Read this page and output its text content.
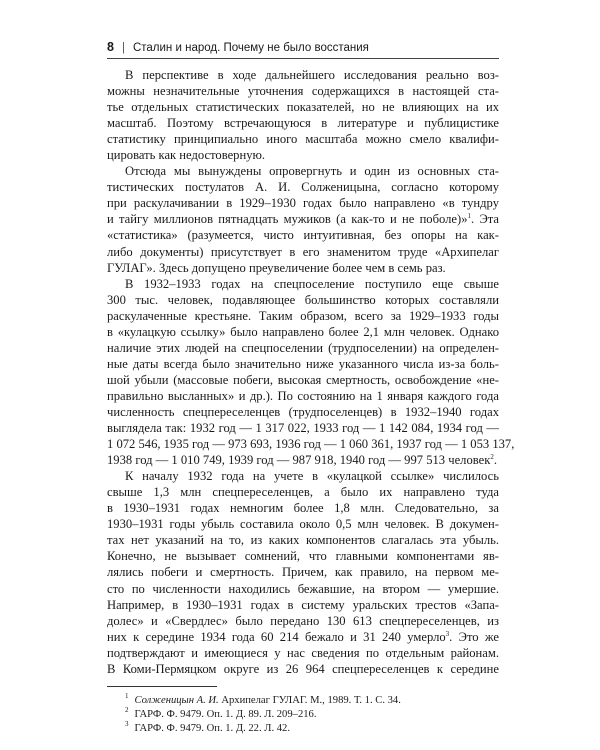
8 | Сталин и народ. Почему не было восстания
В перспективе в ходе дальнейшего исследования реально воз-
можны незначительные уточнения содержащихся в настоящей ста-
тье отдельных статистических показателей, но не влияющих на их
масштаб. Поэтому встречающуюся в литературе и публицистике
статистику принципиально иного масштаба можно смело квалифи-
цировать как недостоверную.
Отсюда мы вынуждены опровергнуть и один из основных ста-
тистических постулатов А. И. Солженицына, согласно которому
при раскулачивании в 1929–1930 годах было направлено «в тундру
и тайгу миллионов пятнадцать мужиков (а как-то и не поболе)»$^1$. Эта
«статистика» (разумеется, чисто интуитивная, без опоры на как-
либо документы) присутствует в его знаменитом труде «Архипелаг
ГУЛАГ». Здесь допущено преувеличение более чем в семь раз.
В 1932–1933 годах на спецпоселение поступило еще свыше
300 тыс. человек, подавляющее большинство которых составляли
раскулаченные крестьяне. Таким образом, всего за 1929–1933 годы
в «кулацкую ссылку» было направлено более 2,1 млн человек. Однако
наличие этих людей на спецпоселении (трудпоселении) на определен-
ные даты всегда было значительно ниже указанного числа из-за боль-
шой убыли (массовые побеги, высокая смертность, освобождение «не-
правильно высланных» и др.). По состоянию на 1 января каждого года
численность спецпереселенцев (трудпоселенцев) в 1932–1940 годах
выглядела так: 1932 год — 1 317 022, 1933 год — 1 142 084, 1934 год —
1 072 546, 1935 год — 973 693, 1936 год — 1 060 361, 1937 год — 1 053 137,
1938 год — 1 010 749, 1939 год — 987 918, 1940 год — 997 513 человек$^2$.
К началу 1932 года на учете в «кулацкой ссылке» числилось
свыше 1,3 млн спецпереселенцев, а было их направлено туда
в 1930–1931 годах немногим более 1,8 млн. Следовательно, за
1930–1931 годы убыль составила около 0,5 млн человек. В докумен-
тах нет указаний на то, из каких компонентов слагалась эта убыль.
Конечно, не вызывает сомнений, что главными компонентами яв-
лялись побеги и смертность. Причем, как правило, на первом ме-
сто по численности находились бежавшие, на втором — умершие.
Например, в 1930–1931 годах в систему уральских трестов «Запа-
долес» и «Свердлес» было передано 130 613 спецпереселенцев, из
них к середине 1934 года 60 214 бежало и 31 240 умерло$^3$. Это же
подтверждают и имеющиеся у нас сведения по отдельным районам.
В Коми-Пермяцком округе из 26 964 спецпереселенцев к середине
$^1$ Солженицын А. И. Архипелаг ГУЛАГ. М., 1989. Т. 1. С. 34.
$^2$ ГАРФ. Ф. 9479. Оп. 1. Д. 89. Л. 209–216.
$^3$ ГАРФ. Ф. 9479. Оп. 1. Д. 22. Л. 42.
